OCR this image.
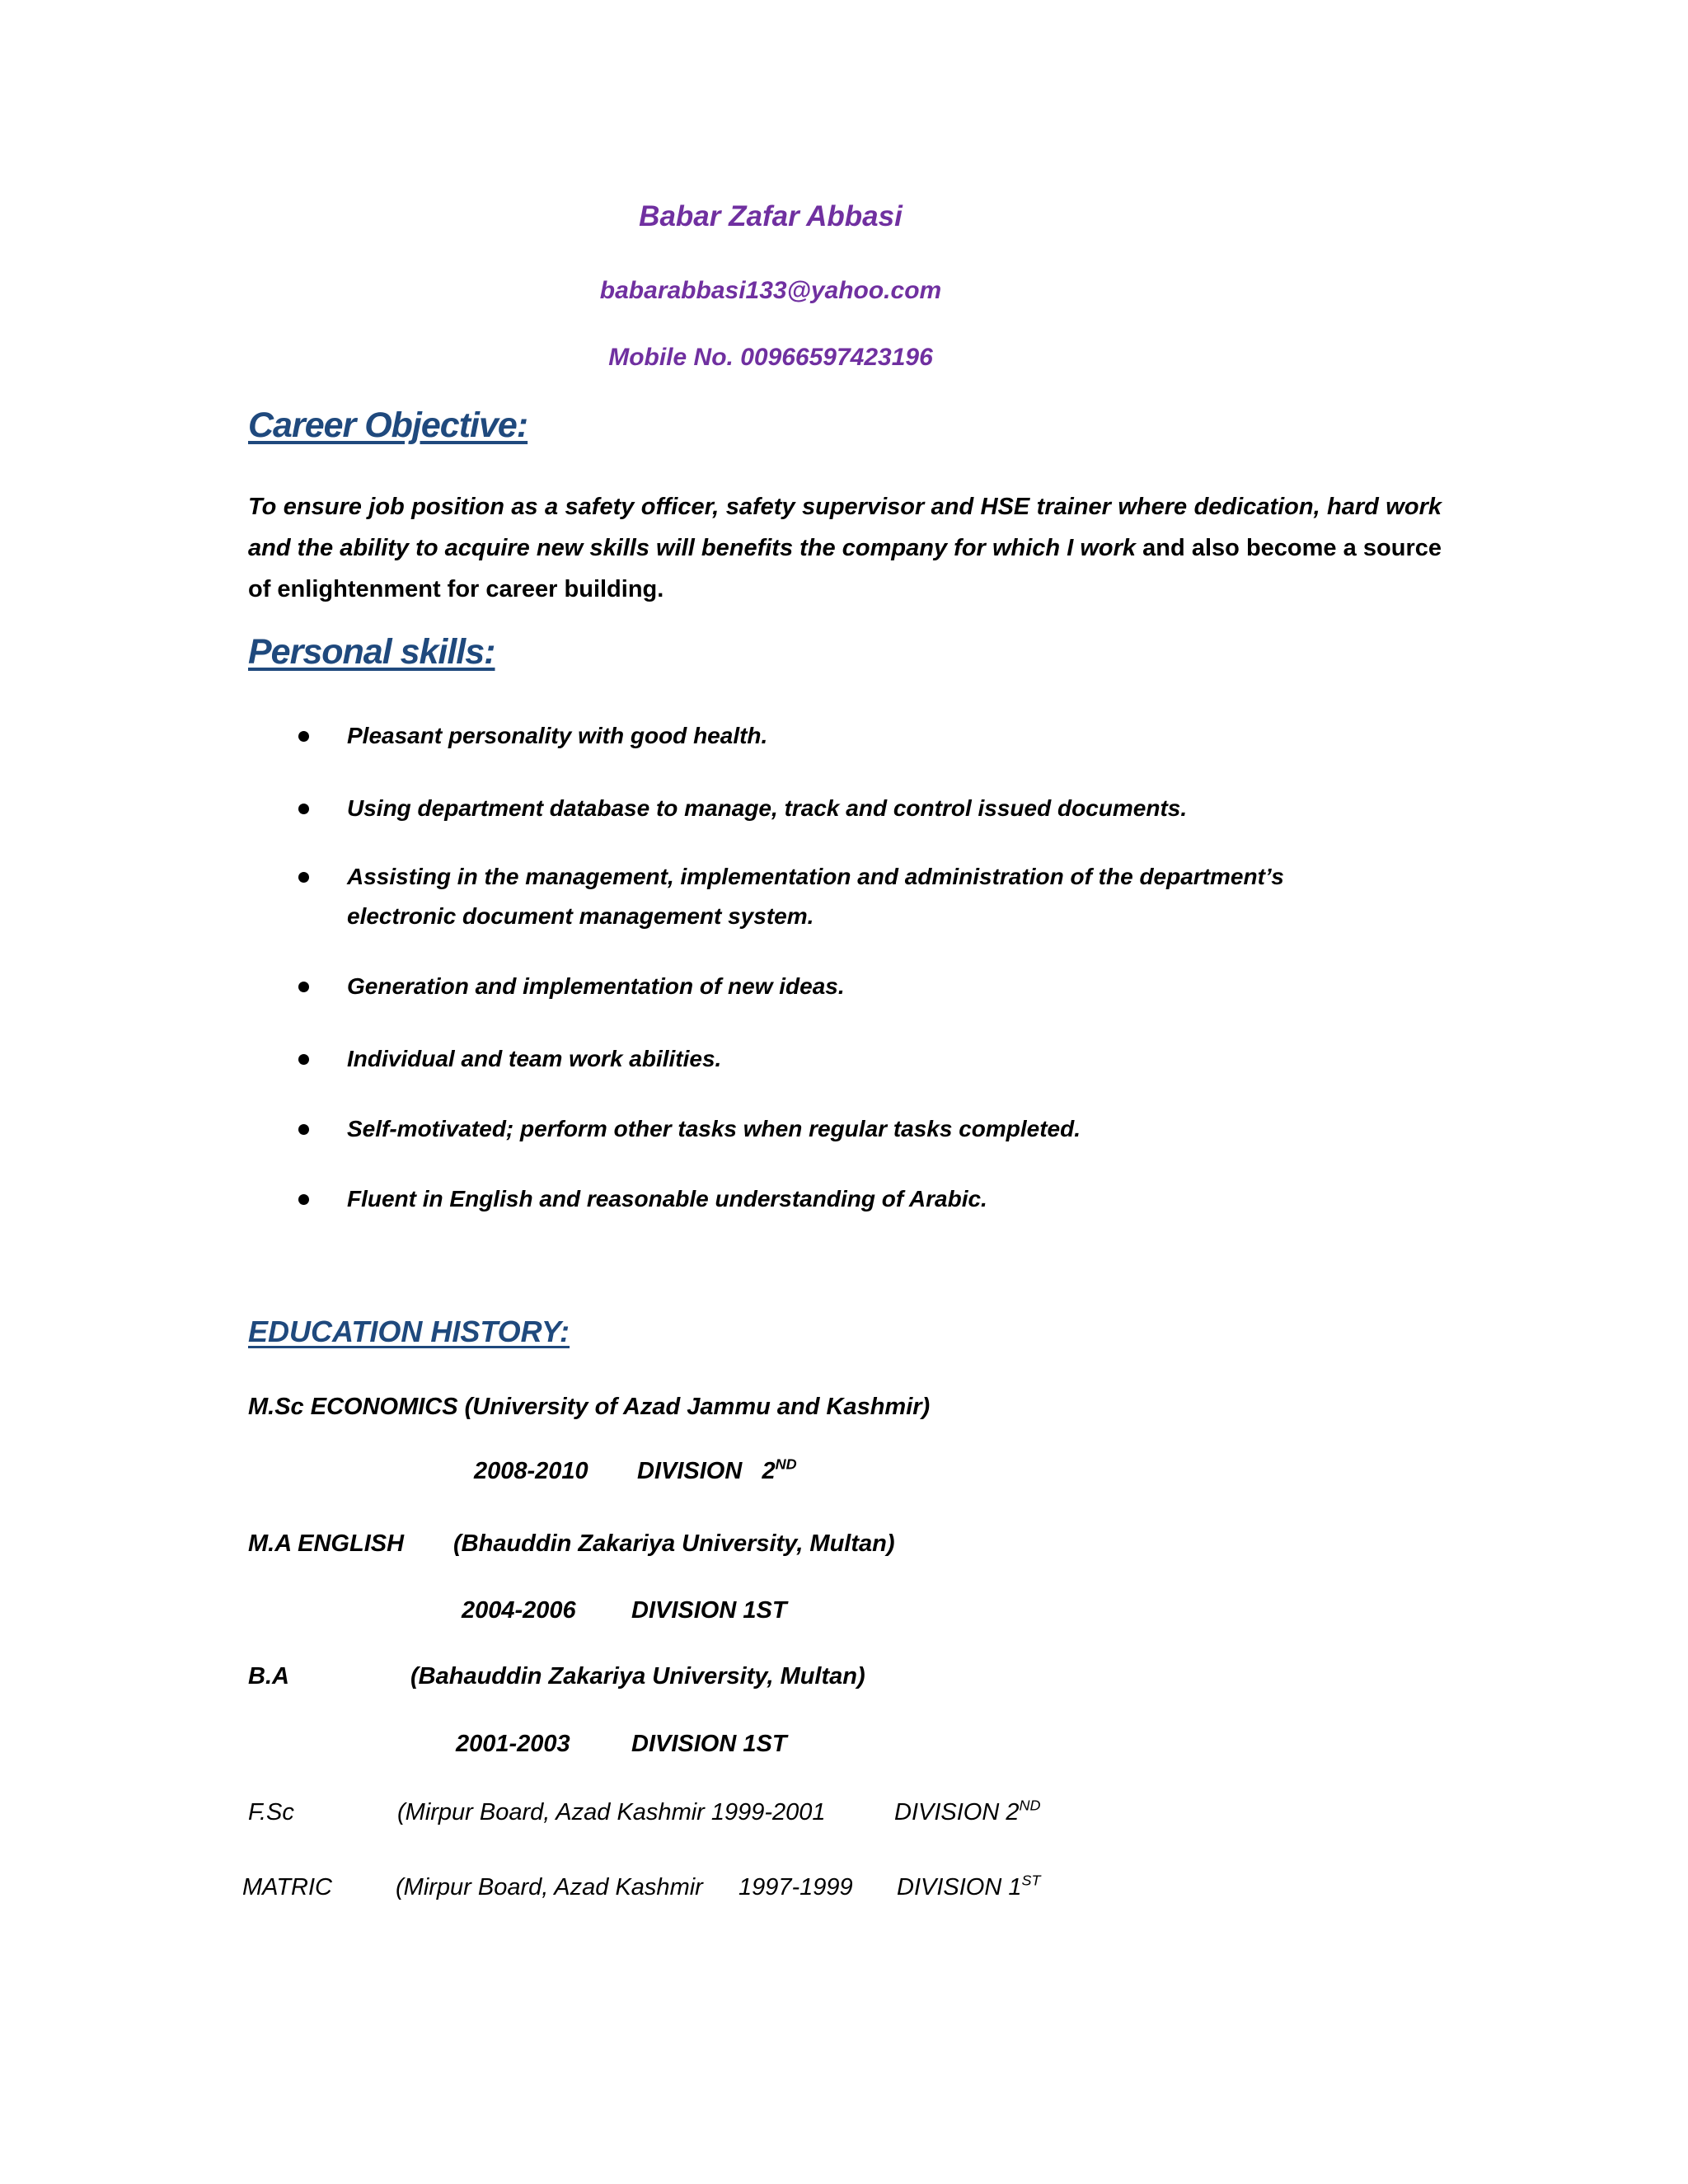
Babar Zafar Abbasi
babarabbasi133@yahoo.com
Mobile No. 00966597423196
Career Objective:
To ensure job position as a safety officer, safety supervisor and HSE trainer where dedication, hard work and the ability to acquire new skills will benefits the company for which I work and also become a source of enlightenment for career building.
Personal skills:
Pleasant personality with good health.
Using department database to manage, track and control issued documents.
Assisting in the management, implementation and administration of the department’s
electronic document management system.
Generation and implementation of new ideas.
Individual and team work abilities.
Self-motivated; perform other tasks when regular tasks completed.
Fluent in English and reasonable understanding of Arabic.
EDUCATION HISTORY:
M.Sc ECONOMICS (University of Azad Jammu and Kashmir)
2008-2010 DIVISION 2ND
M.A ENGLISH (Bhauddin Zakariya University, Multan)
2004-2006 DIVISION 1ST
B.A	(Bahauddin Zakariya University, Multan)
2001-2003	DIVISION 1ST
F.Sc	(Mirpur Board, Azad Kashmir 1999-2001	DIVISION 2ND
MATRIC	(Mirpur Board, Azad Kashmir 1997-1999 DIVISION 1ST
